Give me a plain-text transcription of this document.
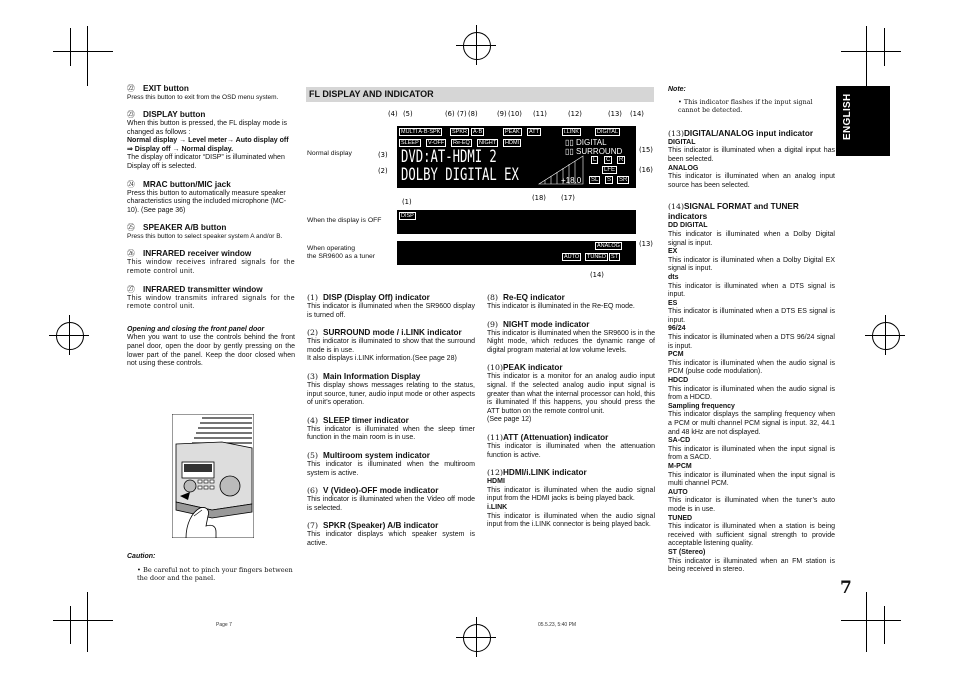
㉒ EXIT button

Press this button to exit from the OSD menu system.

㉓ DISPLAY button

When this button is pressed, the FL display mode is changed as follows :

Normal display → Level meter→ Auto display off ⇒ Display off → Normal display.

The display off indicator “DISP” is illuminated when Display off is selected.

㉔ MRAC button/MIC jack

Press this button to automatically measure speaker characteristics using the included microphone (MC-10). (See page 36)

㉕ SPEAKER A/B button

Press this button to select speaker system A and/or B.

㉖ INFRARED receiver window

This window receives infrared signals for the remote control unit.

㉗ INFRARED transmitter window

This window transmits infrared signals for the remote control unit.

Opening and closing the front panel door

When you want to use the controls behind the front panel door, open the door by gently pressing on the lower part of the panel. Keep the door closed when not using these controls.

Caution:

• Be careful not to pinch your fingers between the door and the panel.

FL DISPLAY AND INDICATOR
Normal display
When the display is OFF
When operating
the SR9600 as a tuner
MULTI A·B·SPK	SPKR	A·B	PEAK	ATT	i.LINK	DIGITAL
SLEEP	V-OFF	Re-EQ	NIGHT	HDMI
DVD:AT-HDMI 2
DOLBY DIGITAL EX
▯▯ DIGITAL
▯▯ SURROUND
+18.0
L	C	R
LFE
SL	S	SR
(4) (5)	(6) (7) (8)	(9) (10) (11)	(12)	(13) (14)
(3)
(2)
(15)
(16)
(18) (17)
(1)
DISP
ANALOG
AUTO	TUNED ST
(13)
(14)
(1) DISP (Display Off) indicator

This indicator is illuminated when the SR9600 display is turned off.

(2) SURROUND mode / i.LINK indicator

This indicator is illuminated to show that the surround mode is in use.

It also displays i.LINK information.(See page 28)

(3) Main Information Display

This display shows messages relating to the status, input source, tuner, audio input mode or other aspects of unit’s operation.

(4) SLEEP timer indicator

This indicator is illuminated when the sleep timer function in the main room is in use.

(5) Multiroom system indicator

This indicator is illuminated when the multiroom system is active.

(6) V (Video)-OFF mode indicator

This indicator is illuminated when the Video off mode is selected.

(7) SPKR (Speaker) A/B indicator

This indicator displays which speaker system is active.

(8) Re-EQ indicator

This indicator is illuminated in the Re-EQ mode.

(9) NIGHT mode indicator

This indicator is illuminated when the SR9600 is in the Night mode, which reduces the dynamic range of digital program material at low volume levels.

(10)PEAK indicator

This indicator is a monitor for an analog audio input signal. If the selected analog audio input signal is greater than what the internal processor can hold, this is illuminated If this happens, you should press the ATT button on the remote control unit.

(See page 12)

(11)ATT (Attenuation) indicator

This indicator is illuminated when the attenuation function is active.

(12)HDMI/i.LINK indicator
HDMI

This indicator is illuminated when the audio signal input from the HDMI jacks is being played back.

i.LINK

This indicator is illuminated when the audio signal input from the i.LINK connector is being played back.

Note:

• This indicator flashes if the input signal cannot be detected.

(13)DIGITAL/ANALOG input indicator
DIGITAL

This indicator is illuminated when a digital input has been selected.

ANALOG

This indicator is illuminated when an analog input source has been selected.

(14)SIGNAL FORMAT and TUNER indicators
DD DIGITAL

This indicator is illuminated when a Dolby Digital signal is input.

EX

This indicator is illuminated when a Dolby Digital EX signal is input.

dts

This indicator is illuminated when a DTS signal is input.

ES

This indicator is illuminated when a DTS ES signal is input.

96/24

This indicator is illuminated when a DTS 96/24 signal is input.

PCM

This indicator is illuminated when the audio signal is PCM (pulse code modulation).

HDCD

This indicator is illuminated when the audio signal is from a HDCD.

Sampling frequency

This indicator displays the sampling frequency when a PCM or multi channel PCM signal is input. 32, 44.1 and 48 kHz are not displayed.

SA-CD

This indicator is illuminated when the input signal is from a SACD.

M-PCM

This indicator is illuminated when the input signal is multi channel PCM.

AUTO

This indicator is illuminated when the tuner’s auto mode is in use.

TUNED

This indicator is illuminated when a station is being received with sufficient signal strength to provide acceptable listening quality.

ST (Stereo)

This indicator is illuminated when an FM station is being received in stereo.

ENGLISH
7
Page 7	05.5.23, 5:40 PM
